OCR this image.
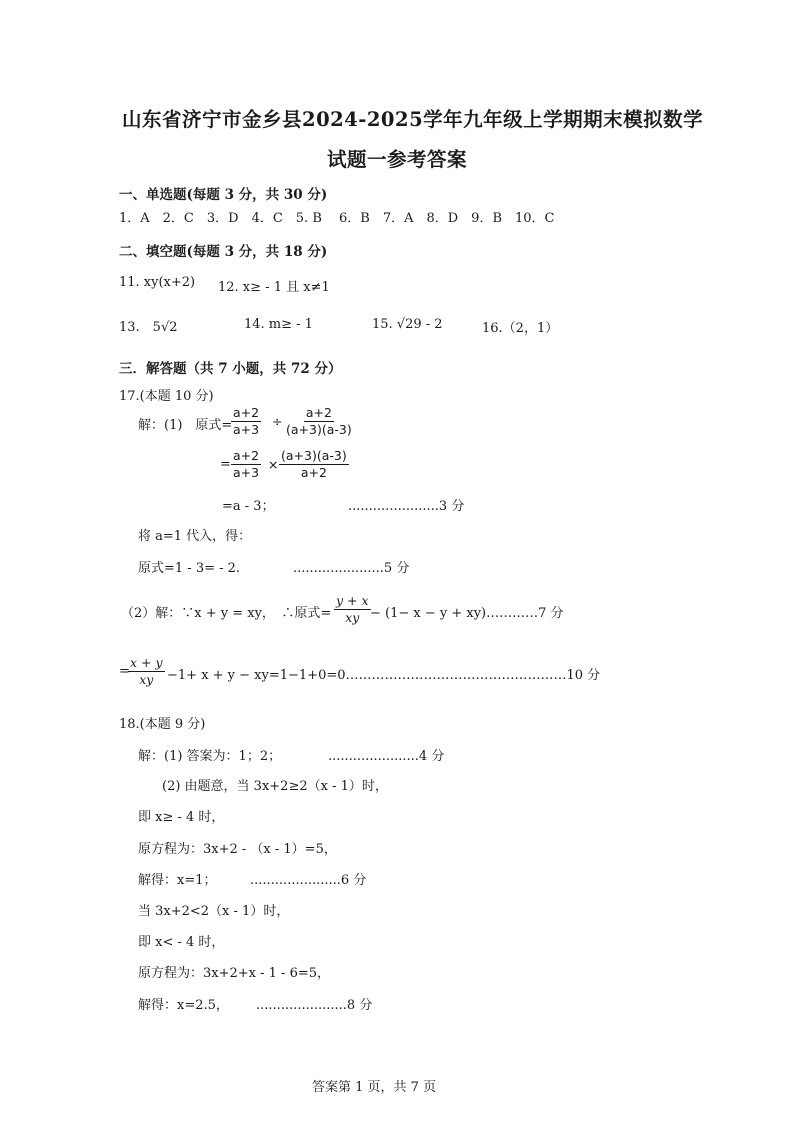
山东省济宁市金乡县2024-2025学年九年级上学期期末模拟数学
试题一参考答案
一、单选题(每题 3 分，共 30 分)
1．A　2．C　3．D　4．C　5. B　 6．B　7．A　8．D　9．B　10．C
二、填空题(每题 3 分，共 18 分)
11. xy(x+2) 12. x≥ - 1 且 x≠1
13.　5√2	14. m≥ - 1	15. √29 - 2	16.（2，1）
三．解答题（共 7 小题，共 72 分）
17.(本题 10 分)
解：(1)　原式=
$\frac{a+2}{a+3} \div \frac{a+2}{(a+3)(a-3)}$
= $\frac{a+2}{a+3} \times \frac{(a+3)(a-3)}{a+2}$
=a - 3；	......................3 分
将 a=1 代入，得：
原式=1 - 3= - 2.	......................5 分
（2）解：∵x + y = xy，　∴原式= $\frac{y + x}{xy} - (1- x - y$ + xy)…………7 分
=
$\frac{x + y}{xy} -1+ x + y$ − xy=1−1+0=0……………………………………………10 分
18.(本题 9 分)
解：(1) 答案为：1；2；	......................4 分
(2) 由题意，当 3x+2≥2（x - 1）时，
即 x≥ - 4 时，
原方程为：3x+2 - （x - 1）=5，
解得：x=1；	......................6 分
当 3x+2<2（x - 1）时，
即 x< - 4 时，
原方程为：3x+2+x - 1 - 6=5，
解得：x=2.5， ......................8 分
答案第 1 页，共 7 页
